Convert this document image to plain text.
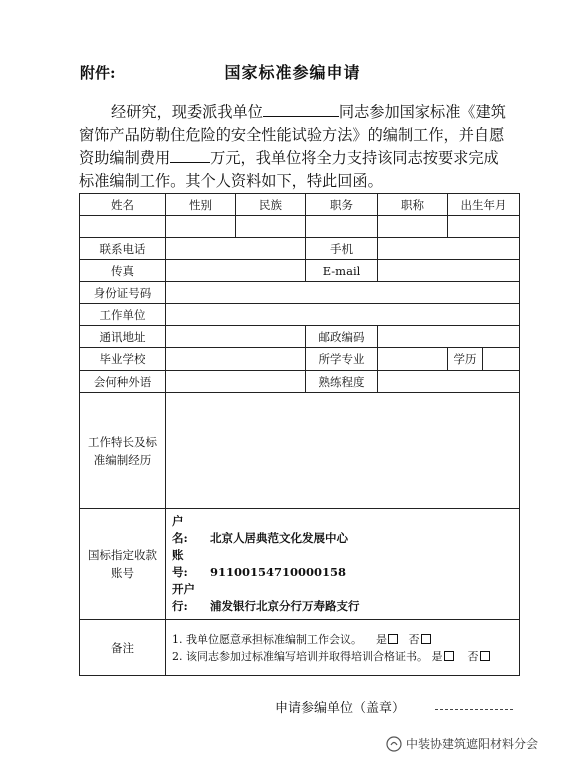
附件:	国家标准参编申请

经研究，现委派我单位	同志参加国家标准《建筑窗饰产品防勒住危险的安全性能试验方法》的编制工作，并自愿资助编制费用	万元，我单位将全力支持该同志按要求完成标准编制工作。其个人资料如下，特此回函。

姓名	性别	民族	职务	职称	出生年月

联系电话			手机		
传真			E-mail		
身份证号码					
工作单位					
通讯地址			邮政编码		
毕业学校			所学专业		学历

会何种外语			熟练程度		
工作特长及标准编制经历					
国标指定收款账号	户　名: 北京人居典范文化发展中心
账　号: 91100154710000158
开户行: 浦发银行北京分行万寿路支行				

备注	1. 我单位愿意承担标准编制工作会议。 是 否
2. 该同志参加过标准编写培训并取得培训合格证书。 是 否				
申请参编单位（盖章）
中装协建筑遮阳材料分会
